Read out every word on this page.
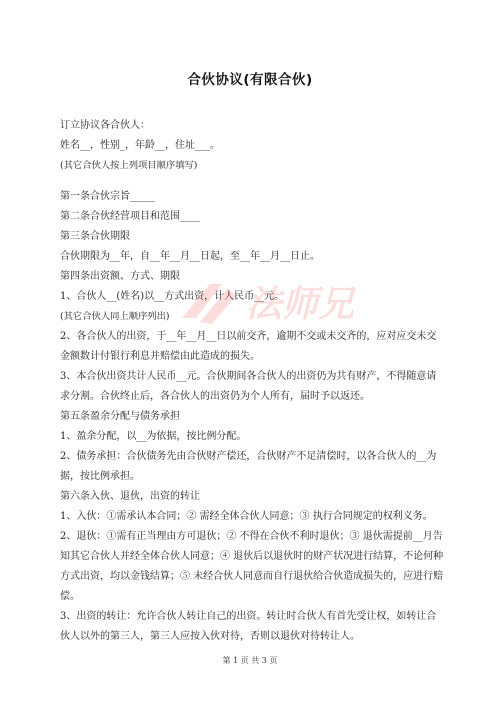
合伙协议(有限合伙)

订立协议各合伙人：

姓名__，性别_，年龄__，住址___。

(其它合伙人按上列项目顺序填写)

第一条合伙宗旨_____

第二条合伙经营项目和范围____

第三条合伙期限

合伙期限为__年，自__年__月__日起，至__年__月__日止。

第四条出资额、方式、期限

1、合伙人__(姓名)以__方式出资，计人民币__元。

(其它合伙人同上顺序列出)

2、各合伙人的出资，于__年__月__日以前交齐，逾期不交或未交齐的，应对应交未交

金额数计付银行利息并赔偿由此造成的损失。

3、本合伙出资共计人民币__元。合伙期间各合伙人的出资仍为共有财产，不得随意请

求分割。合伙终止后，各合伙人的出资仍为个人所有，届时予以返还。

第五条盈余分配与债务承担

1、盈余分配，以__为依据，按比例分配。

2、债务承担：合伙债务先由合伙财产偿还，合伙财产不足清偿时，以各合伙人的__为

据，按比例承担。

第六条入伙、退伙，出资的转让

1、入伙：①需承认本合同；② 需经全体合伙人同意；③ 执行合同规定的权利义务。

2、退伙：①需有正当理由方可退伙；② 不得在合伙不利时退伙；③ 退伙需提前__月告

知其它合伙人并经全体合伙人同意；④ 退伙后以退伙时的财产状况进行结算，不论何种

方式出资，均以金钱结算；⑤ 未经合伙人同意而自行退伙给合伙造成损失的，应进行赔

偿。

3、出资的转让：允许合伙人转让自己的出资。转让时合伙人有首先受让权，如转让合

伙人以外的第三人，第三人应按入伙对待，否则以退伙对待转让人。

法师兄
第 1 页 共 3 页
